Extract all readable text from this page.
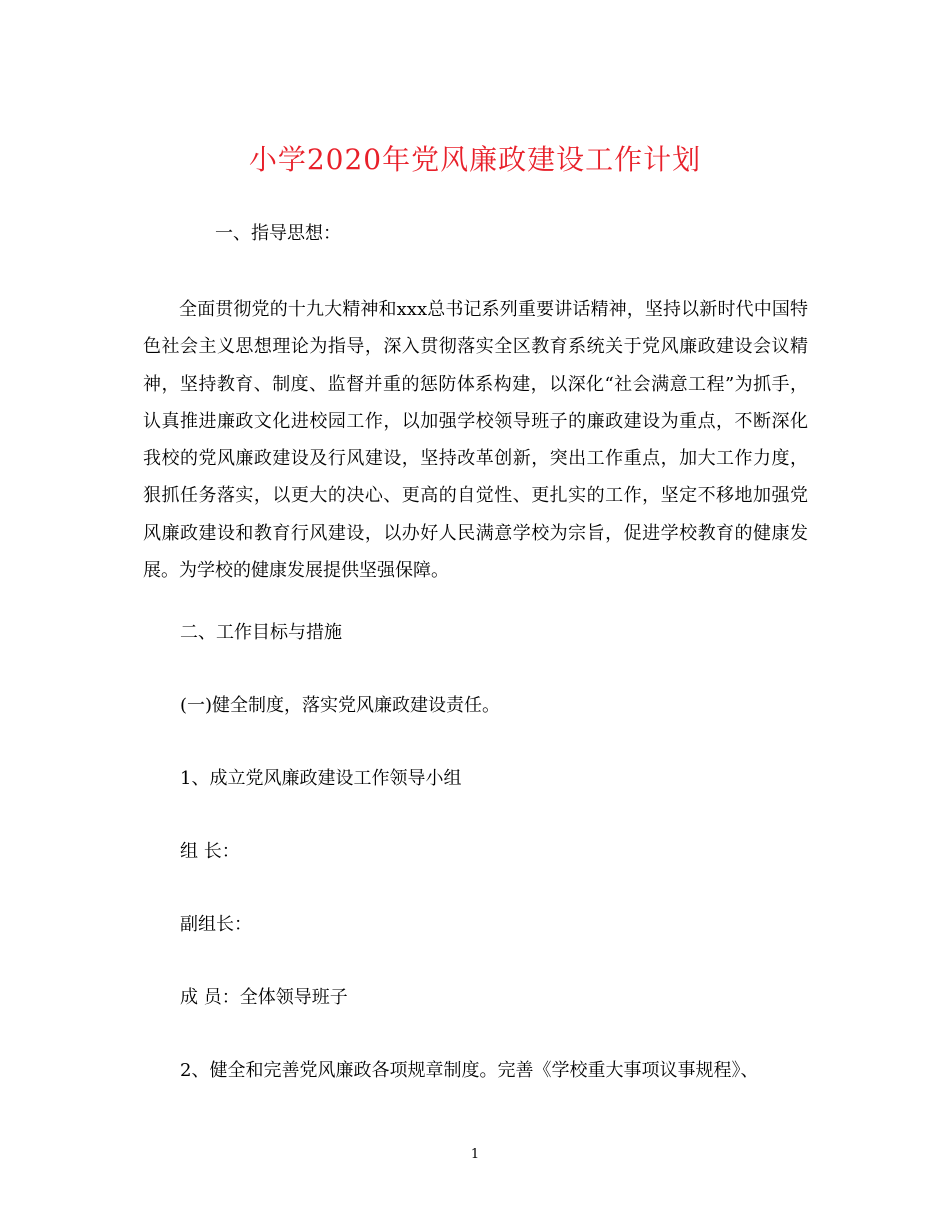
小学2020年党风廉政建设工作计划
一、指导思想：
全面贯彻党的十九大精神和xxx总书记系列重要讲话精神，坚持以新时代中国特色社会主义思想理论为指导，深入贯彻落实全区教育系统关于党风廉政建设会议精神，坚持教育、制度、监督并重的惩防体系构建，以深化“社会满意工程”为抓手，认真推进廉政文化进校园工作，以加强学校领导班子的廉政建设为重点，不断深化我校的党风廉政建设及行风建设，坚持改革创新，突出工作重点，加大工作力度，狠抓任务落实，以更大的决心、更高的自觉性、更扎实的工作，坚定不移地加强党风廉政建设和教育行风建设，以办好人民满意学校为宗旨，促进学校教育的健康发展。为学校的健康发展提供坚强保障。
二、工作目标与措施
(一)健全制度，落实党风廉政建设责任。
1、成立党风廉政建设工作领导小组
组 长：
副组长：
成 员：全体领导班子
2、健全和完善党风廉政各项规章制度。完善《学校重大事项议事规程》、
1
